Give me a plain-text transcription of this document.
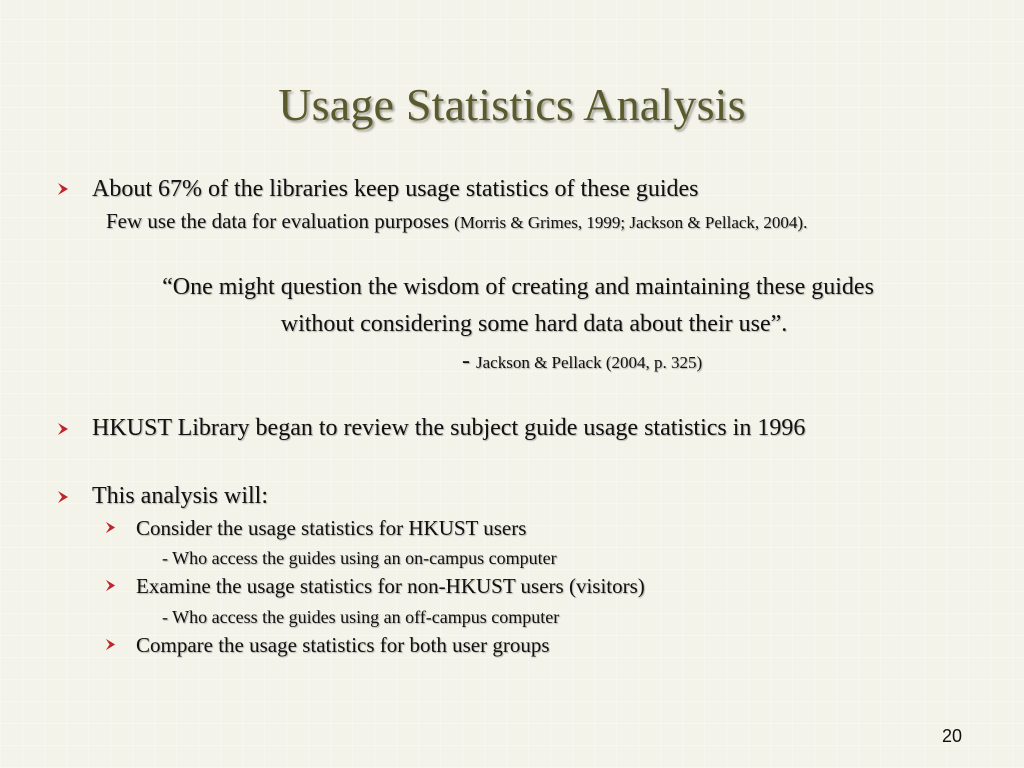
Usage Statistics Analysis
About 67% of the libraries keep usage statistics of these guides
Few use the data for evaluation purposes (Morris & Grimes, 1999; Jackson & Pellack, 2004).
“One might question the wisdom of creating and maintaining these guides
without considering some hard data about their use”.
- Jackson & Pellack (2004, p. 325)
HKUST Library began to review the subject guide usage statistics in 1996
This analysis will:
Consider the usage statistics for HKUST users
- Who access the guides using an on-campus computer
Examine the usage statistics for non-HKUST users (visitors)
- Who access the guides using an off-campus computer
Compare the usage statistics for both user groups
20
